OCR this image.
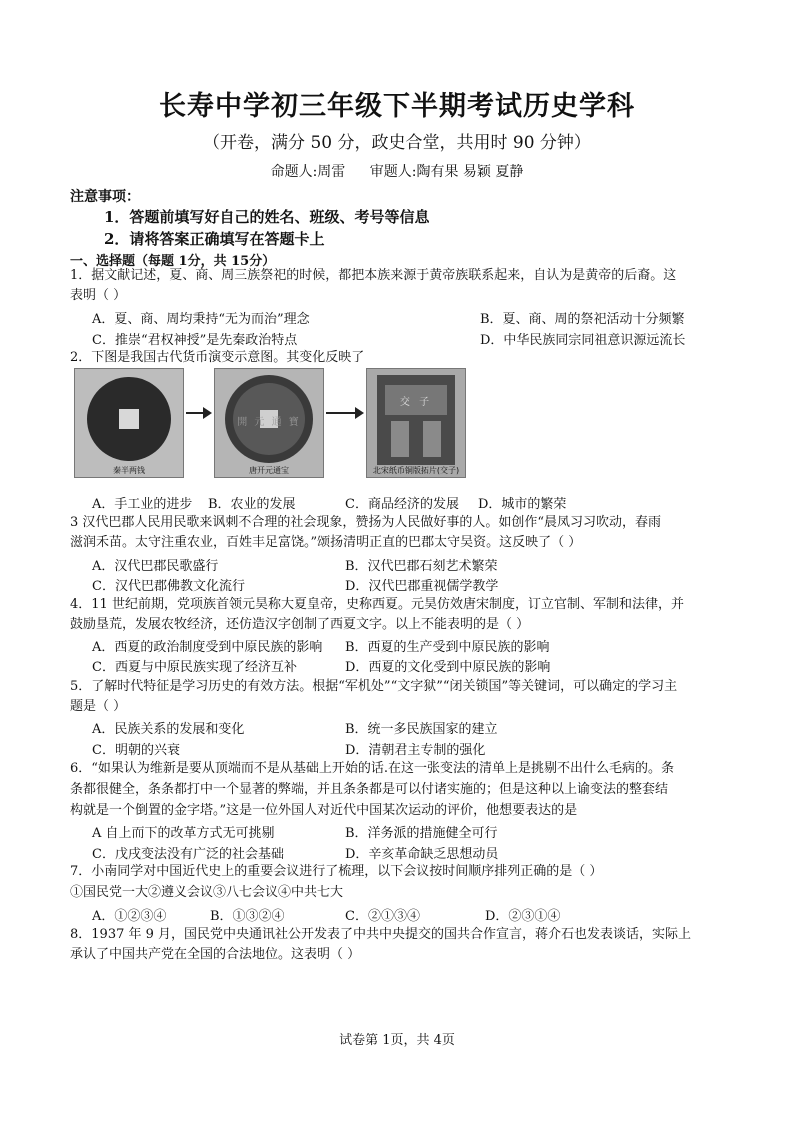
长寿中学初三年级下半期考试历史学科
（开卷，满分 50 分，政史合堂，共用时 90 分钟）
命题人:周雷 审题人:陶有果 易颖 夏静
注意事项：
1．答题前填写好自己的姓名、班级、考号等信息
2．请将答案正确填写在答题卡上
一、选择题（每题 1分，共 15分）
1．据文献记述，夏、商、周三族祭祀的时候，都把本族来源于黄帝族联系起来，自认为是黄帝的后裔。这
表明（ ）
A．夏、商、周均秉持“无为而治”理念	B．夏、商、周的祭祀活动十分频繁
C．推崇“君权神授”是先秦政治特点	D．中华民族同宗同祖意识源远流长
2．下图是我国古代货币演变示意图。其变化反映了
秦半两钱
開 元 通 寶
唐开元通宝
交 子
北宋纸币铜版拓片(交子)
A．手工业的进步 B．农业的发展	C．商品经济的发展 D．城市的繁荣
3 汉代巴郡人民用民歌来讽刺不合理的社会现象，赞扬为人民做好事的人。如创作“晨凤习习吹动，春雨
滋润禾苗。太守注重农业，百姓丰足富饶。”颂扬清明正直的巴郡太守吴资。这反映了（ ）
A．汉代巴郡民歌盛行	B．汉代巴郡石刻艺术繁荣
C．汉代巴郡佛教文化流行	D．汉代巴郡重视儒学教学
4．11 世纪前期，党项族首领元昊称大夏皇帝，史称西夏。元昊仿效唐宋制度，订立官制、军制和法律，并
鼓励垦荒，发展农牧经济，还仿造汉字创制了西夏文字。以上不能表明的是（ ）
A．西夏的政治制度受到中原民族的影响 B．西夏的生产受到中原民族的影响
C．西夏与中原民族实现了经济互补	D．西夏的文化受到中原民族的影响
5．了解时代特征是学习历史的有效方法。根据“军机处”“文字狱”“闭关锁国”等关键词，可以确定的学习主
题是（ ）
A．民族关系的发展和变化	B．统一多民族国家的建立
C．明朝的兴衰	D．清朝君主专制的强化
6．“如果认为维新是要从顶端而不是从基础上开始的话.在这一张变法的清单上是挑剔不出什么毛病的。条
条都很健全，条条都打中一个显著的弊端，并且条条都是可以付诸实施的；但是这种以上谕变法的整套结
构就是一个倒置的金字塔。”这是一位外国人对近代中国某次运动的评价，他想要表达的是
A 自上而下的改革方式无可挑剔	B．洋务派的措施健全可行
C．戊戌变法没有广泛的社会基础	D．辛亥革命缺乏思想动员
7．小南同学对中国近代史上的重要会议进行了梳理，以下会议按时间顺序排列正确的是（ ）
①国民党一大②遵义会议③八七会议④中共七大
A．①②③④	B．①③②④	C．②①③④	D．②③①④
8．1937 年 9 月，国民党中央通讯社公开发表了中共中央提交的国共合作宣言，蒋介石也发表谈话，实际上
承认了中国共产党在全国的合法地位。这表明（ ）
试卷第 1页，共 4页
